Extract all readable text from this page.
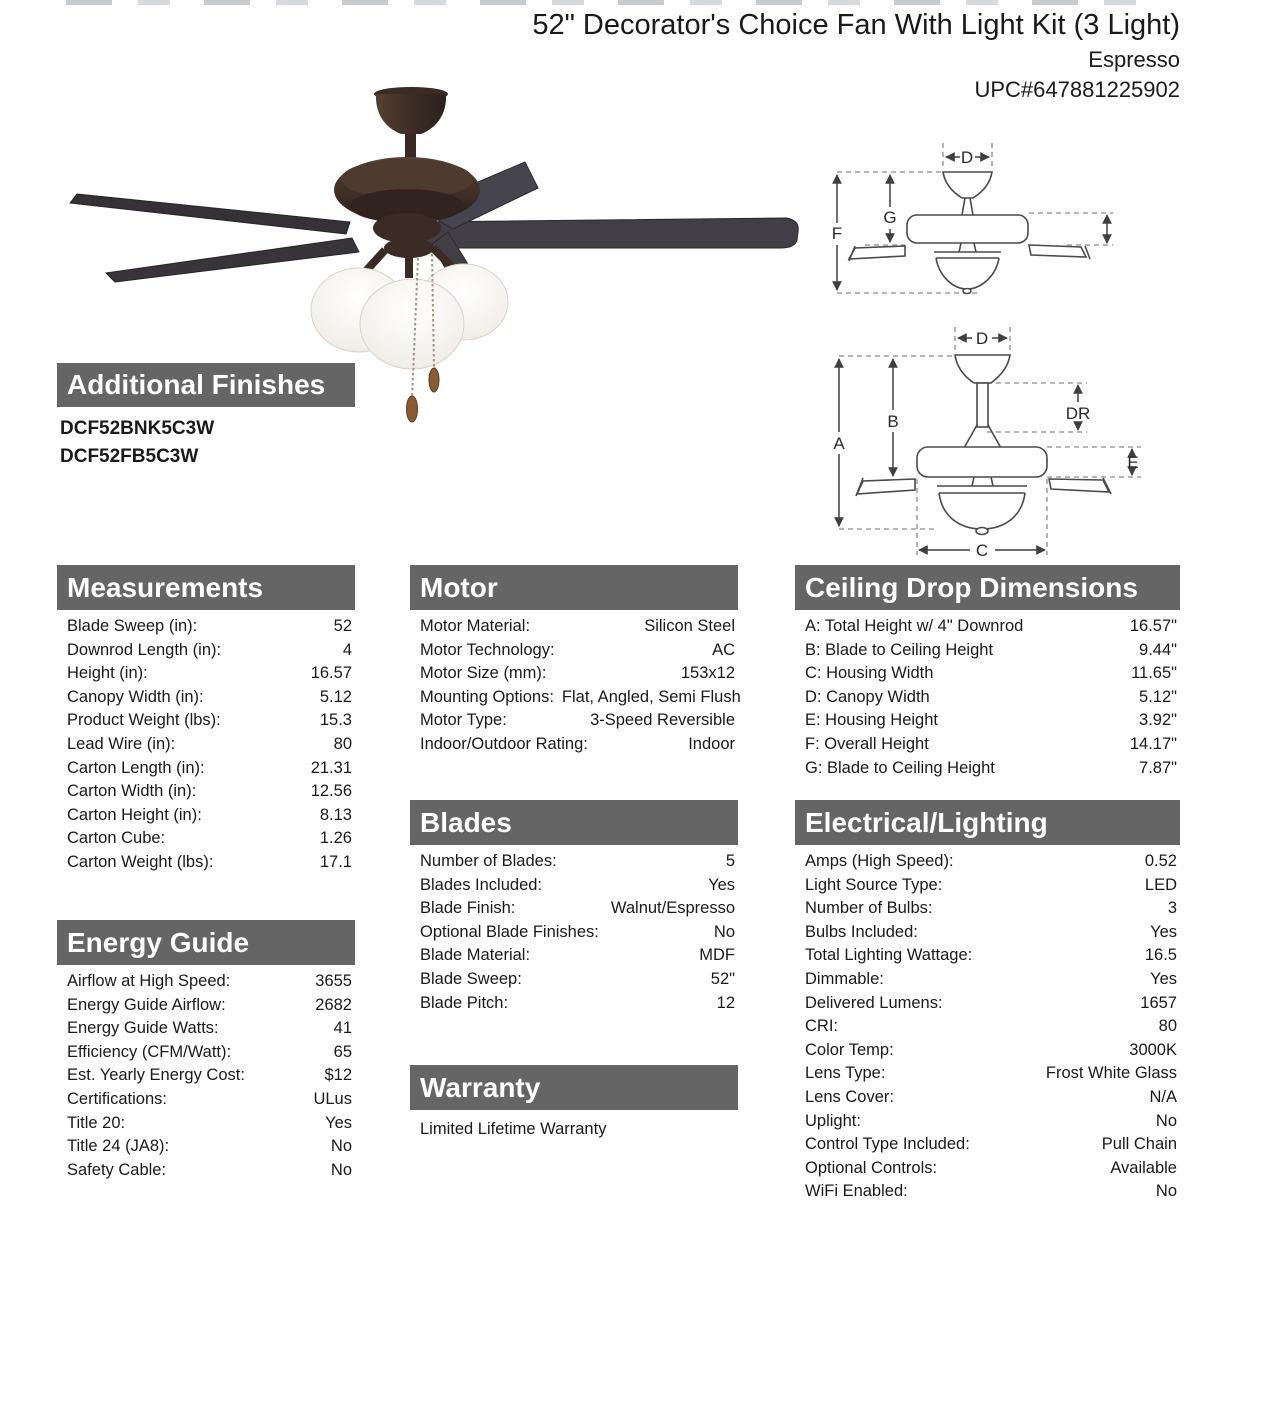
52" Decorator's Choice Fan With Light Kit (3 Light)
Espresso
UPC#647881225902
Additional Finishes
DCF52BNK5C3W
DCF52FB5C3W
D
F
G
D
A
B	DR
E
C
Measurements
Blade Sweep (in):	52
Downrod Length (in):	4
Height (in):	16.57
Canopy Width (in):	5.12
Product Weight (lbs):	15.3
Lead Wire (in):	80
Carton Length (in):	21.31
Carton Width (in):	12.56
Carton Height (in):	8.13
Carton Cube:	1.26
Carton Weight (lbs):	17.1
Energy Guide
Airflow at High Speed:	3655
Energy Guide Airflow:	2682
Energy Guide Watts:	41
Efficiency (CFM/Watt):	65
Est. Yearly Energy Cost:	$12
Certifications:	ULus
Title 20:	Yes
Title 24 (JA8):	No
Safety Cable:	No
Motor
Motor Material:	Silicon Steel
Motor Technology:	AC
Motor Size (mm):	153x12
Mounting Options: Flat, Angled, Semi Flush
Motor Type:	3-Speed Reversible
Indoor/Outdoor Rating:	Indoor
Blades
Number of Blades:	5
Blades Included:	Yes
Blade Finish:	Walnut/Espresso
Optional Blade Finishes:	No
Blade Material:	MDF
Blade Sweep:	52"
Blade Pitch:	12
Warranty
Limited Lifetime Warranty
Ceiling Drop Dimensions
A: Total Height w/ 4" Downrod	16.57"
B: Blade to Ceiling Height	9.44"
C: Housing Width	11.65"
D: Canopy Width	5.12"
E: Housing Height	3.92"
F: Overall Height	14.17"
G: Blade to Ceiling Height	7.87"
Electrical/Lighting
Amps (High Speed):	0.52
Light Source Type:	LED
Number of Bulbs:	3
Bulbs Included:	Yes
Total Lighting Wattage:	16.5
Dimmable:	Yes
Delivered Lumens:	1657
CRI:	80
Color Temp:	3000K
Lens Type:	Frost White Glass
Lens Cover:	N/A
Uplight:	No
Control Type Included:	Pull Chain
Optional Controls:	Available
WiFi Enabled:	No
